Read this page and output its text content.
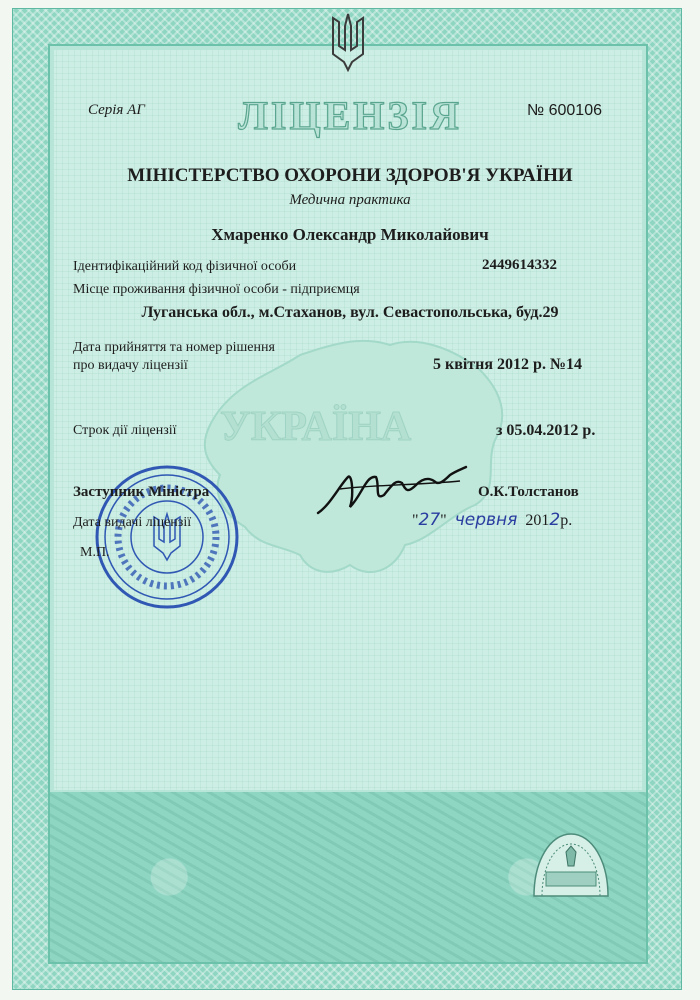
УКРАЇНА
Серія АГ	ЛІЦЕНЗІЯ	№ 600106
МІНІСТЕРСТВО ОХОРОНИ ЗДОРОВ'Я УКРАЇНИ
Медична практика
Хмаренко Олександр Миколайович
Ідентифікаційний код фізичної особи	2449614332
Місце проживання фізичної особи - підприємця
Луганська обл., м.Стаханов, вул. Севастопольська, буд.29
Дата прийняття та номер рішення
про видачу ліцензії	5 квітня 2012 р. №14
Строк дії ліцензії	з 05.04.2012 р.
Заступник Міністра	О.К.Толстанов
Дата видачі ліцензії	"27" червня 2012р.
М.П.
